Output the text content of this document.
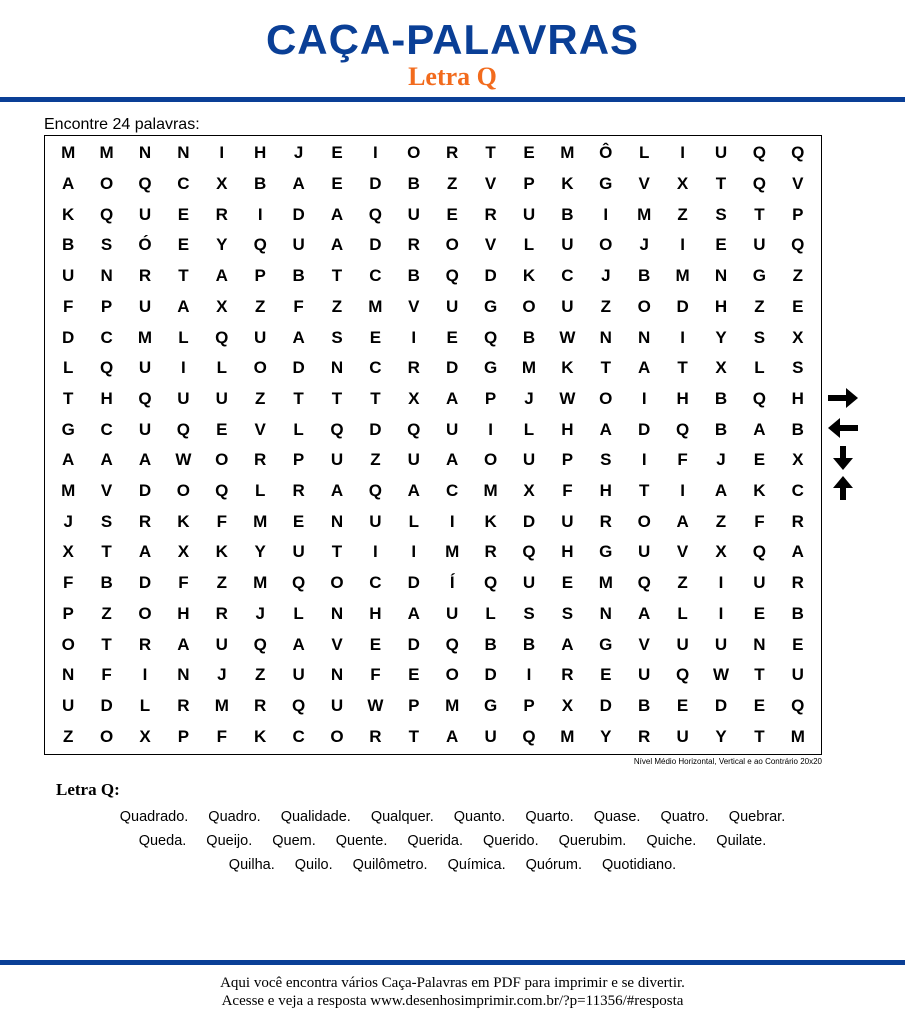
CAÇA-PALAVRAS
Letra Q
Encontre 24 palavras:
M	M	N	N	I	H	J	E	I	O	R	T	E	M	Ô	L	I	U	Q	Q
A	O	Q	C	X	B	A	E	D	B	Z	V	P	K	G	V	X	T	Q	V
K	Q	U	E	R	I	D	A	Q	U	E	R	U	B	I	M	Z	S	T	P
B	S	Ó	E	Y	Q	U	A	D	R	O	V	L	U	O	J	I	E	U	Q
U	N	R	T	A	P	B	T	C	B	Q	D	K	C	J	B	M	N	G	Z
F	P	U	A	X	Z	F	Z	M	V	U	G	O	U	Z	O	D	H	Z	E
D	C	M	L	Q	U	A	S	E	I	E	Q	B	W	N	N	I	Y	S	X
L	Q	U	I	L	O	D	N	C	R	D	G	M	K	T	A	T	X	L	S
T	H	Q	U	U	Z	T	T	T	X	A	P	J	W	O	I	H	B	Q	H
G	C	U	Q	E	V	L	Q	D	Q	U	I	L	H	A	D	Q	B	A	B
A	A	A	W	O	R	P	U	Z	U	A	O	U	P	S	I	F	J	E	X
M	V	D	O	Q	L	R	A	Q	A	C	M	X	F	H	T	I	A	K	C
J	S	R	K	F	M	E	N	U	L	I	K	D	U	R	O	A	Z	F	R
X	T	A	X	K	Y	U	T	I	I	M	R	Q	H	G	U	V	X	Q	A
F	B	D	F	Z	M	Q	O	C	D	Í	Q	U	E	M	Q	Z	I	U	R
P	Z	O	H	R	J	L	N	H	A	U	L	S	S	N	A	L	I	E	B
O	T	R	A	U	Q	A	V	E	D	Q	B	B	A	G	V	U	U	N	E
N	F	I	N	J	Z	U	N	F	E	O	D	I	R	E	U	Q	W	T	U
U	D	L	R	M	R	Q	U	W	P	M	G	P	X	D	B	E	D	E	Q
Z	O	X	P	F	K	C	O	R	T	A	U	Q	M	Y	R	U	Y	T	M
Nível Médio Horizontal, Vertical e ao Contrário 20x20
Letra Q:
Quadrado. Quadro. Qualidade. Qualquer. Quanto. Quarto. Quase. Quatro. Quebrar.
Queda. Queijo. Quem. Quente. Querida. Querido. Querubim. Quiche. Quilate.
Quilha. Quilo. Quilômetro. Química. Quórum. Quotidiano.
Aqui você encontra vários Caça-Palavras em PDF para imprimir e se divertir.
Acesse e veja a resposta www.desenhosimprimir.com.br/?p=11356/#resposta
